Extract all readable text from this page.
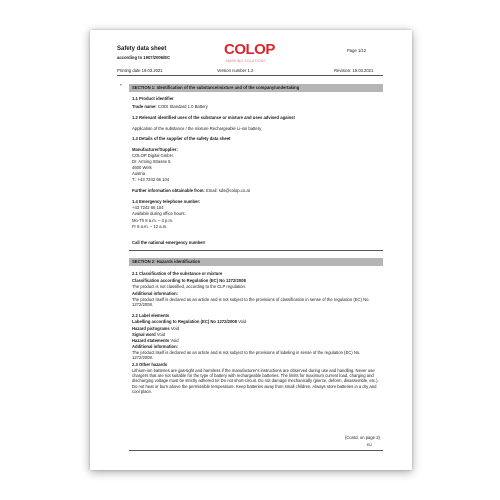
Safety data sheet
according to 1907/2006/EC
Page 1/12
COLOP
MARKING SOLUTIONS
Printing date 19.03.2021	Version number 1.2	Revision: 19.03.2021
*	SECTION 1: Identification of the substance/mixture and of the company/undertaking
1.1 Product identifier
Trade name: CODI Standard 1.0 Battery
1.2 Relevant identified uses of the substance or mixture and uses advised against
Application of the substance / the mixture Rechargeable Li-ion battery
1.3 Details of the supplier of the safety data sheet
Manufacturer/Supplier:
COLOP Digital GmbH.
Dr. Arming Strasse 5
4600 Wels
Austria
T.: +43 7242 66 104
Further information obtainable from: Email: sds@colop.co.at
1.4 Emergency telephone number:
+43 7242 66 104
Available during office hours:
Mo-Th 8 a.m. – 4 p.m.
Fr 8 a.m. – 12 a.m.
Call the national emergency number!
SECTION 2: Hazards identification
2.1 Classification of the substance or mixture
Classification according to Regulation (EC) No 1272/2008
The product is not classified, according to the CLP regulation.
Additional information:
The product itself is declared as an article and is not subject to the provisions of classification in sense of the regulation (EC) No. 1272/2008.
2.2 Label elements
Labelling according to Regulation (EC) No 1272/2008 Void
Hazard pictograms Void
Signal word Void
Hazard statements Void
Additional information:
The product itself is declared as an article and is not subject to the provisions of labeling in sense of the regulation (EC) No. 1272/2008.
2.3 Other hazards
Lithium-ion batteries are gas-tight and harmless if the manufacturer's instructions are observed during use and handling. Never use chargers that are not suitable for the type of battery with rechargeable batteries. The limits for maximum current load, charging and discharging voltage must be strictly adhered to! Do not short-circuit. Do not damage mechanically (pierce, deform, disassemble, etc.). Do not heat or burn above the permissible temperature. Keep batteries away from small children. Always store batteries in a dry and cool place.
(Contd. on page 2)
EU
